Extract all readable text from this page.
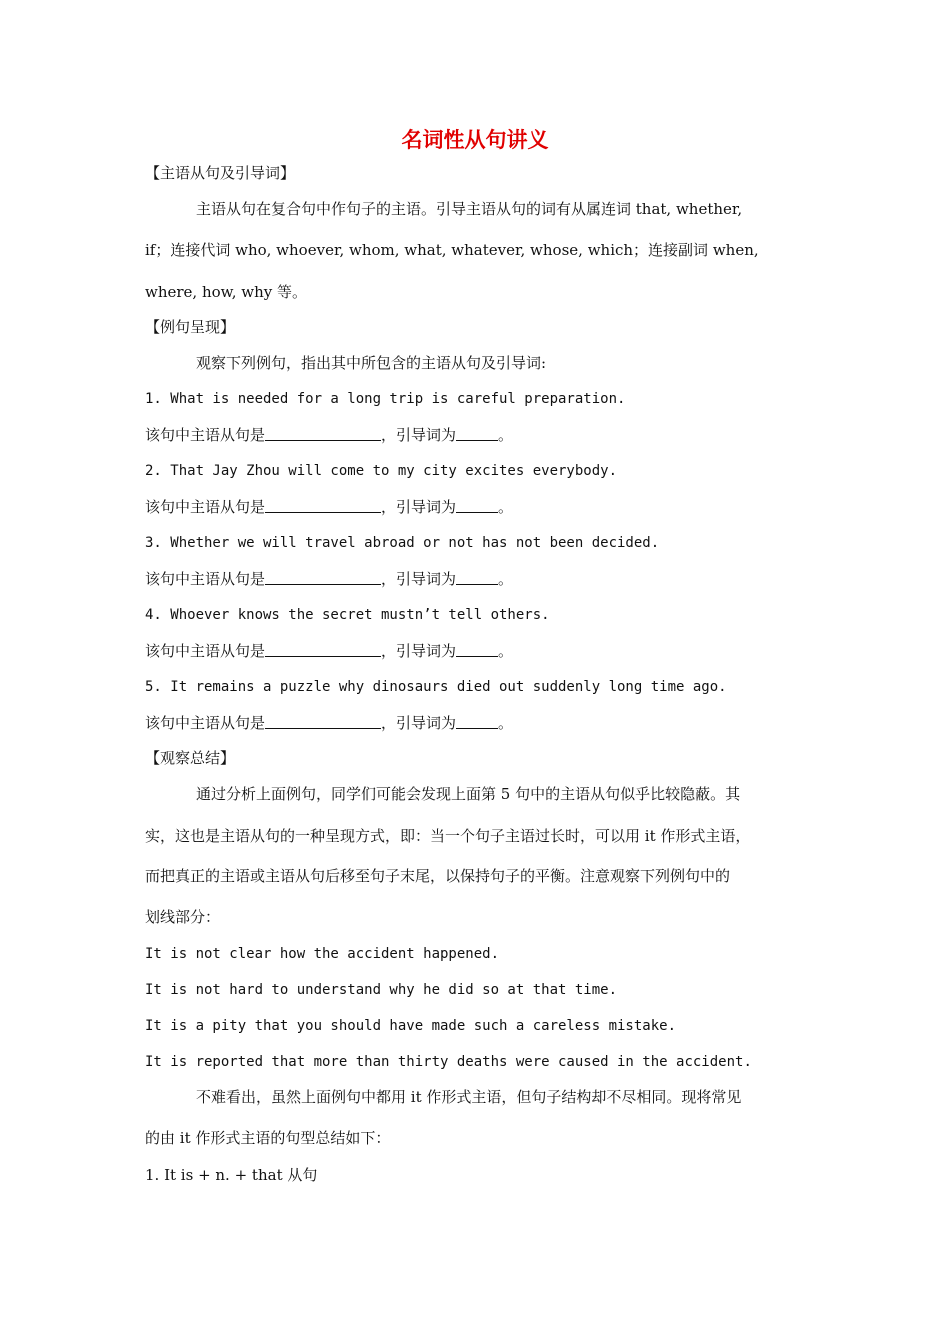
名词性从句讲义
【主语从句及引导词】
主语从句在复合句中作句子的主语。引导主语从句的词有从属连词 that, whether,
if；连接代词 who, whoever, whom, what, whatever, whose, which；连接副词 when,
where, how, why 等。
【例句呈现】
观察下列例句，指出其中所包含的主语从句及引导词:
1. What is needed for a long trip is careful preparation.
该句中主语从句是	，引导词为	。
2. That Jay Zhou will come to my city excites everybody.
该句中主语从句是	，引导词为	。
3. Whether we will travel abroad or not has not been decided.
该句中主语从句是	，引导词为	。
4. Whoever knows the secret mustn’t tell others.
该句中主语从句是	，引导词为	。
5. It remains a puzzle why dinosaurs died out suddenly long time ago.
该句中主语从句是	，引导词为	。
【观察总结】
通过分析上面例句，同学们可能会发现上面第 5 句中的主语从句似乎比较隐蔽。其
实，这也是主语从句的一种呈现方式，即：当一个句子主语过长时，可以用 it 作形式主语，
而把真正的主语或主语从句后移至句子末尾，以保持句子的平衡。注意观察下列例句中的
划线部分：
It is not clear how the accident happened.
It is not hard to understand why he did so at that time.
It is a pity that you should have made such a careless mistake.
It is reported that more than thirty deaths were caused in the accident.
不难看出，虽然上面例句中都用 it 作形式主语，但句子结构却不尽相同。现将常见
的由 it 作形式主语的句型总结如下：
1. It is + n. + that 从句
